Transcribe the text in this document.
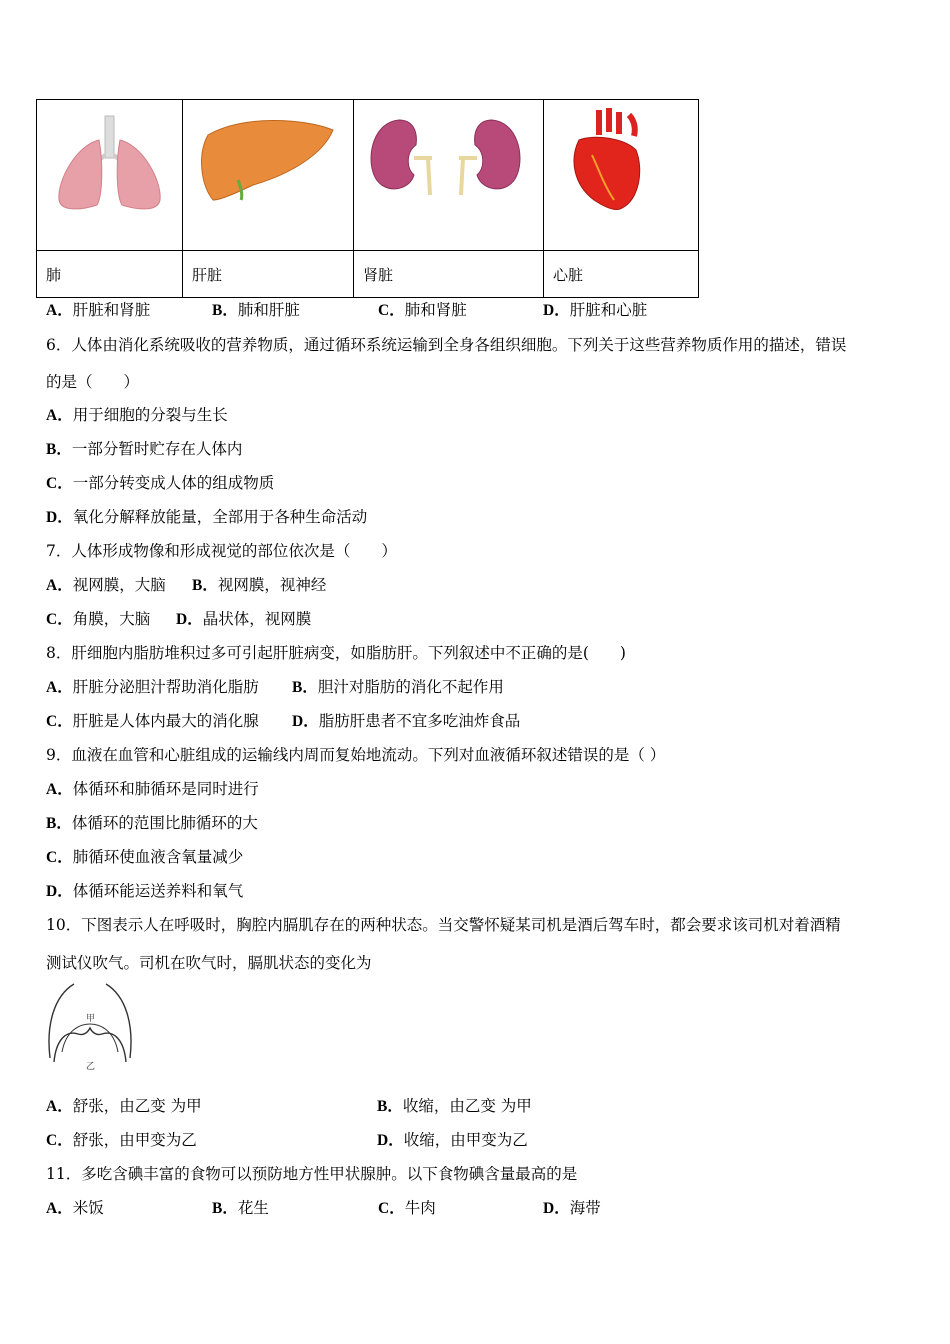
肺	肝脏	肾脏	心脏
A．肝脏和肾脏	B．肺和肝脏	C．肺和肾脏	D．肝脏和心脏
6．人体由消化系统吸收的营养物质，通过循环系统运输到全身各组织细胞。下列关于这些营养物质作用的描述，错误
的是（　　）
A．用于细胞的分裂与生长
B．一部分暂时贮存在人体内
C．一部分转变成人体的组成物质
D．氧化分解释放能量，全部用于各种生命活动
7．人体形成物像和形成视觉的部位依次是（　　）
A．视网膜，大脑 B．视网膜，视神经
C．角膜，大脑 D．晶状体，视网膜
8．肝细胞内脂肪堆积过多可引起肝脏病变，如脂肪肝。下列叙述中不正确的是(　　)
A．肝脏分泌胆汁帮助消化脂肪 B．胆汁对脂肪的消化不起作用
C．肝脏是人体内最大的消化腺 D．脂肪肝患者不宜多吃油炸食品
9．血液在血管和心脏组成的运输线内周而复始地流动。下列对血液循环叙述错误的是（ ）
A．体循环和肺循环是同时进行
B．体循环的范围比肺循环的大
C．肺循环使血液含氧量减少
D．体循环能运送养料和氧气
10．下图表示人在呼吸时，胸腔内膈肌存在的两种状态。当交警怀疑某司机是酒后驾车时，都会要求该司机对着酒精
测试仪吹气。司机在吹气时，膈肌状态的变化为
甲
乙
A．舒张，由乙变 为甲	B．收缩，由乙变 为甲
C．舒张，由甲变为乙	D．收缩，由甲变为乙
11．多吃含碘丰富的食物可以预防地方性甲状腺肿。以下食物碘含量最高的是
A．米饭	B．花生	C．牛肉	D．海带
